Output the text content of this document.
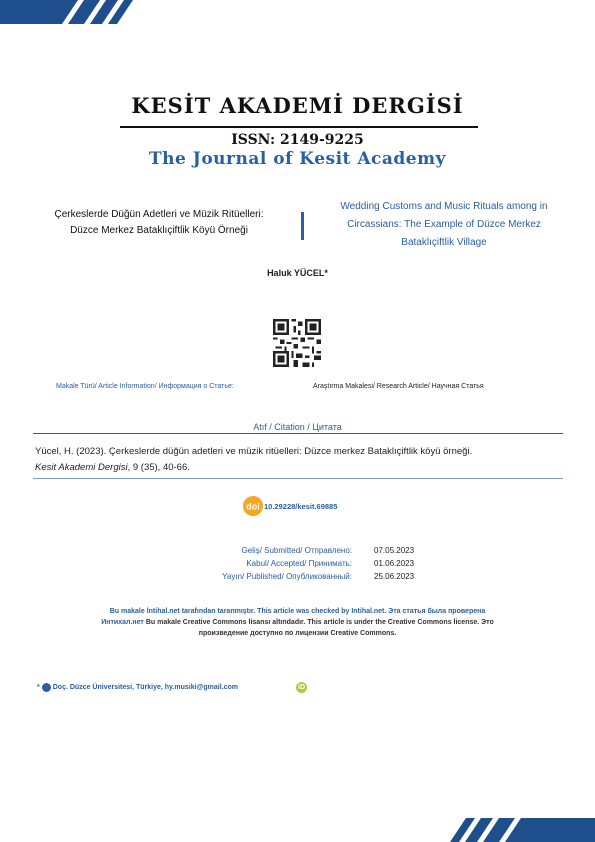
KESİT AKADEMİ DERGİSİ
ISSN: 2149-9225
The Journal of Kesit Academy
Çerkeslerde Düğün Adetleri ve Müzik Ritüelleri:
Düzce Merkez Bataklıçiftlik Köyü Örneği
Wedding Customs and Music Rituals among in
Circassians: The Example of Düzce Merkez
Bataklıçiftlik Village
Haluk YÜCEL*
Makale Türü/ Article Information/ Информация о Статье:	Araştırma Makalesi/ Research Article/ Научная Статья
Atıf / Citation / Цитата
Yücel, H. (2023). Çerkeslerde düğün adetleri ve müzik ritüelleri: Düzce merkez Bataklıçiftlik köyü örneği.
Kesit Akademi Dergisi, 9 (35), 40-66.
doi 10.29228/kesit.69885
Geliş/ Submitted/ Отправлено:
Kabul/ Accepted/ Принимать:
Yayın/ Published/ Опубликованный:
07.05.2023
01.06.2023
25.06.2023
Bu makale İntihal.net tarafından taranmıştır. This article was checked by Intihal.net. Эта статья была проверена
Интихал.нет Bu makale Creative Commons lisansı altındadır. This article is under the Creative Commons license. Это
произведение доступно по лицензии Creative Commons.
* Doç. Düzce Üniversitesi, Türkiye, hy.musiki@gmail.com	iD
